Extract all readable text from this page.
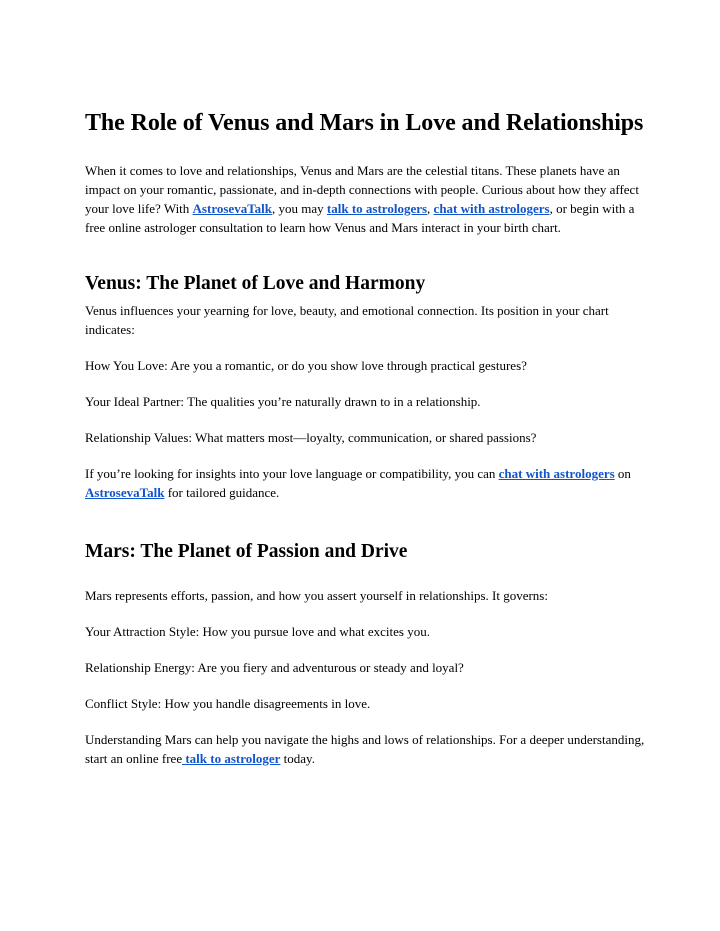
The Role of Venus and Mars in Love and Relationships

When it comes to love and relationships, Venus and Mars are the celestial titans. These planets have an impact on your romantic, passionate, and in-depth connections with people. Curious about how they affect your love life? With AstrosevaTalk, you may talk to astrologers, chat with astrologers, or begin with a free online astrologer consultation to learn how Venus and Mars interact in your birth chart.

Venus: The Planet of Love and Harmony

Venus influences your yearning for love, beauty, and emotional connection. Its position in your chart indicates:

How You Love: Are you a romantic, or do you show love through practical gestures?

Your Ideal Partner: The qualities you’re naturally drawn to in a relationship.

Relationship Values: What matters most—loyalty, communication, or shared passions?

If you’re looking for insights into your love language or compatibility, you can chat with astrologers on AstrosevaTalk for tailored guidance.

Mars: The Planet of Passion and Drive

Mars represents efforts, passion, and how you assert yourself in relationships. It governs:

Your Attraction Style: How you pursue love and what excites you.

Relationship Energy: Are you fiery and adventurous or steady and loyal?

Conflict Style: How you handle disagreements in love.

Understanding Mars can help you navigate the highs and lows of relationships. For a deeper understanding, start an online free talk to astrologer today.
